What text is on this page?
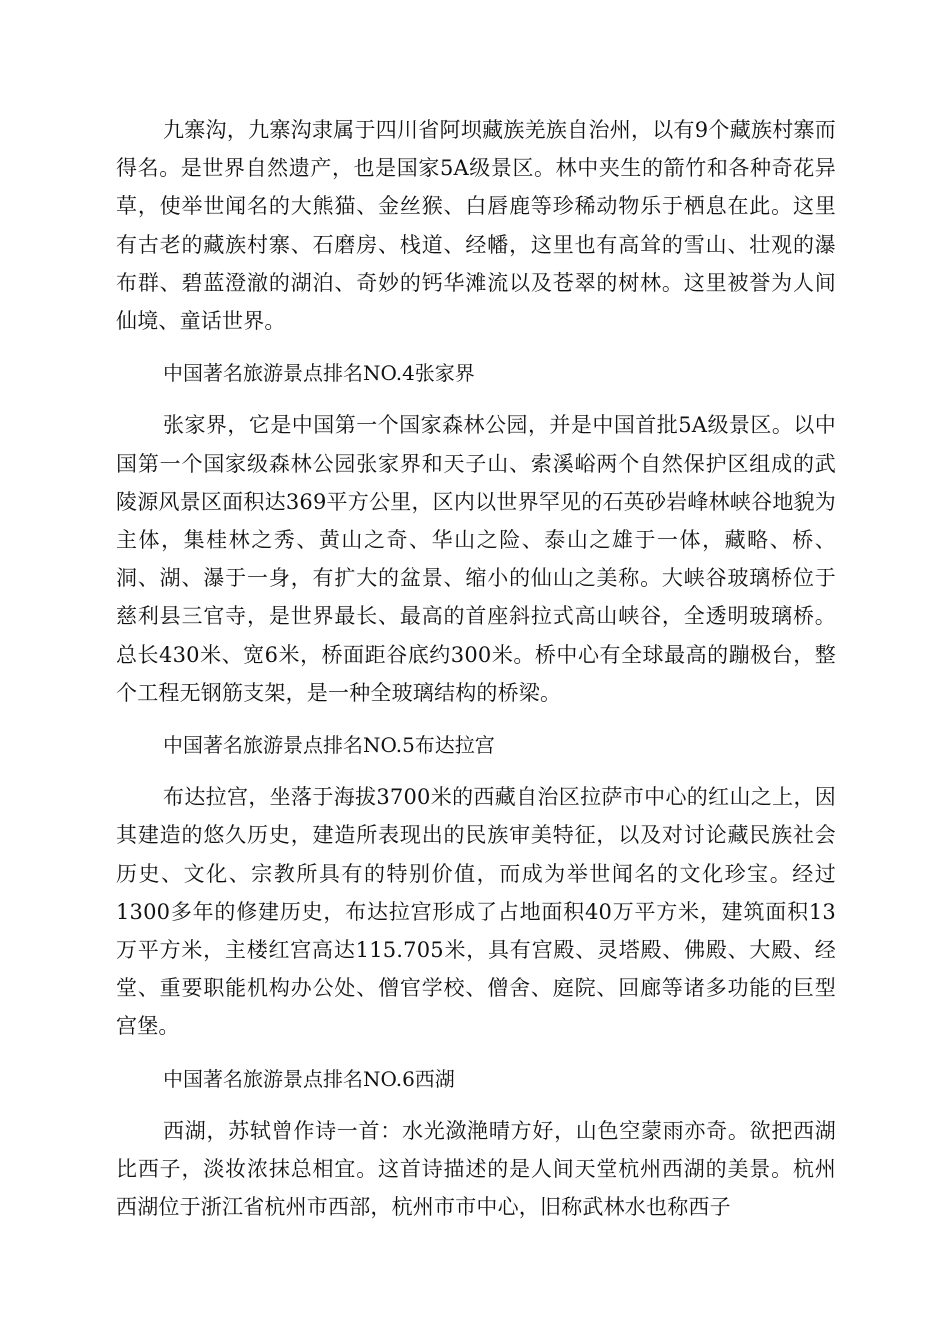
九寨沟，九寨沟隶属于四川省阿坝藏族羌族自治州，以有9个藏族村寨而得名。是世界自然遗产，也是国家5A级景区。林中夹生的箭竹和各种奇花异草，使举世闻名的大熊猫、金丝猴、白唇鹿等珍稀动物乐于栖息在此。这里有古老的藏族村寨、石磨房、栈道、经幡，这里也有高耸的雪山、壮观的瀑布群、碧蓝澄澈的湖泊、奇妙的钙华滩流以及苍翠的树林。这里被誉为人间仙境、童话世界。

中国著名旅游景点排名NO.4张家界

张家界，它是中国第一个国家森林公园，并是中国首批5A级景区。以中国第一个国家级森林公园张家界和天子山、索溪峪两个自然保护区组成的武陵源风景区面积达369平方公里，区内以世界罕见的石英砂岩峰林峡谷地貌为主体，集桂林之秀、黄山之奇、华山之险、泰山之雄于一体，藏略、桥、洞、湖、瀑于一身，有扩大的盆景、缩小的仙山之美称。大峡谷玻璃桥位于慈利县三官寺，是世界最长、最高的首座斜拉式高山峡谷，全透明玻璃桥。总长430米、宽6米，桥面距谷底约300米。桥中心有全球最高的蹦极台，整个工程无钢筋支架，是一种全玻璃结构的桥梁。

中国著名旅游景点排名NO.5布达拉宫

布达拉宫，坐落于海拔3700米的西藏自治区拉萨市中心的红山之上，因其建造的悠久历史，建造所表现出的民族审美特征，以及对讨论藏民族社会历史、文化、宗教所具有的特别价值，而成为举世闻名的文化珍宝。经过1300多年的修建历史，布达拉宫形成了占地面积40万平方米，建筑面积13万平方米，主楼红宫高达115.705米，具有宫殿、灵塔殿、佛殿、大殿、经堂、重要职能机构办公处、僧官学校、僧舍、庭院、回廊等诸多功能的巨型宫堡。

中国著名旅游景点排名NO.6西湖

西湖，苏轼曾作诗一首：水光潋滟晴方好，山色空蒙雨亦奇。欲把西湖比西子，淡妆浓抹总相宜。这首诗描述的是人间天堂杭州西湖的美景。杭州西湖位于浙江省杭州市西部，杭州市市中心，旧称武林水也称西子
